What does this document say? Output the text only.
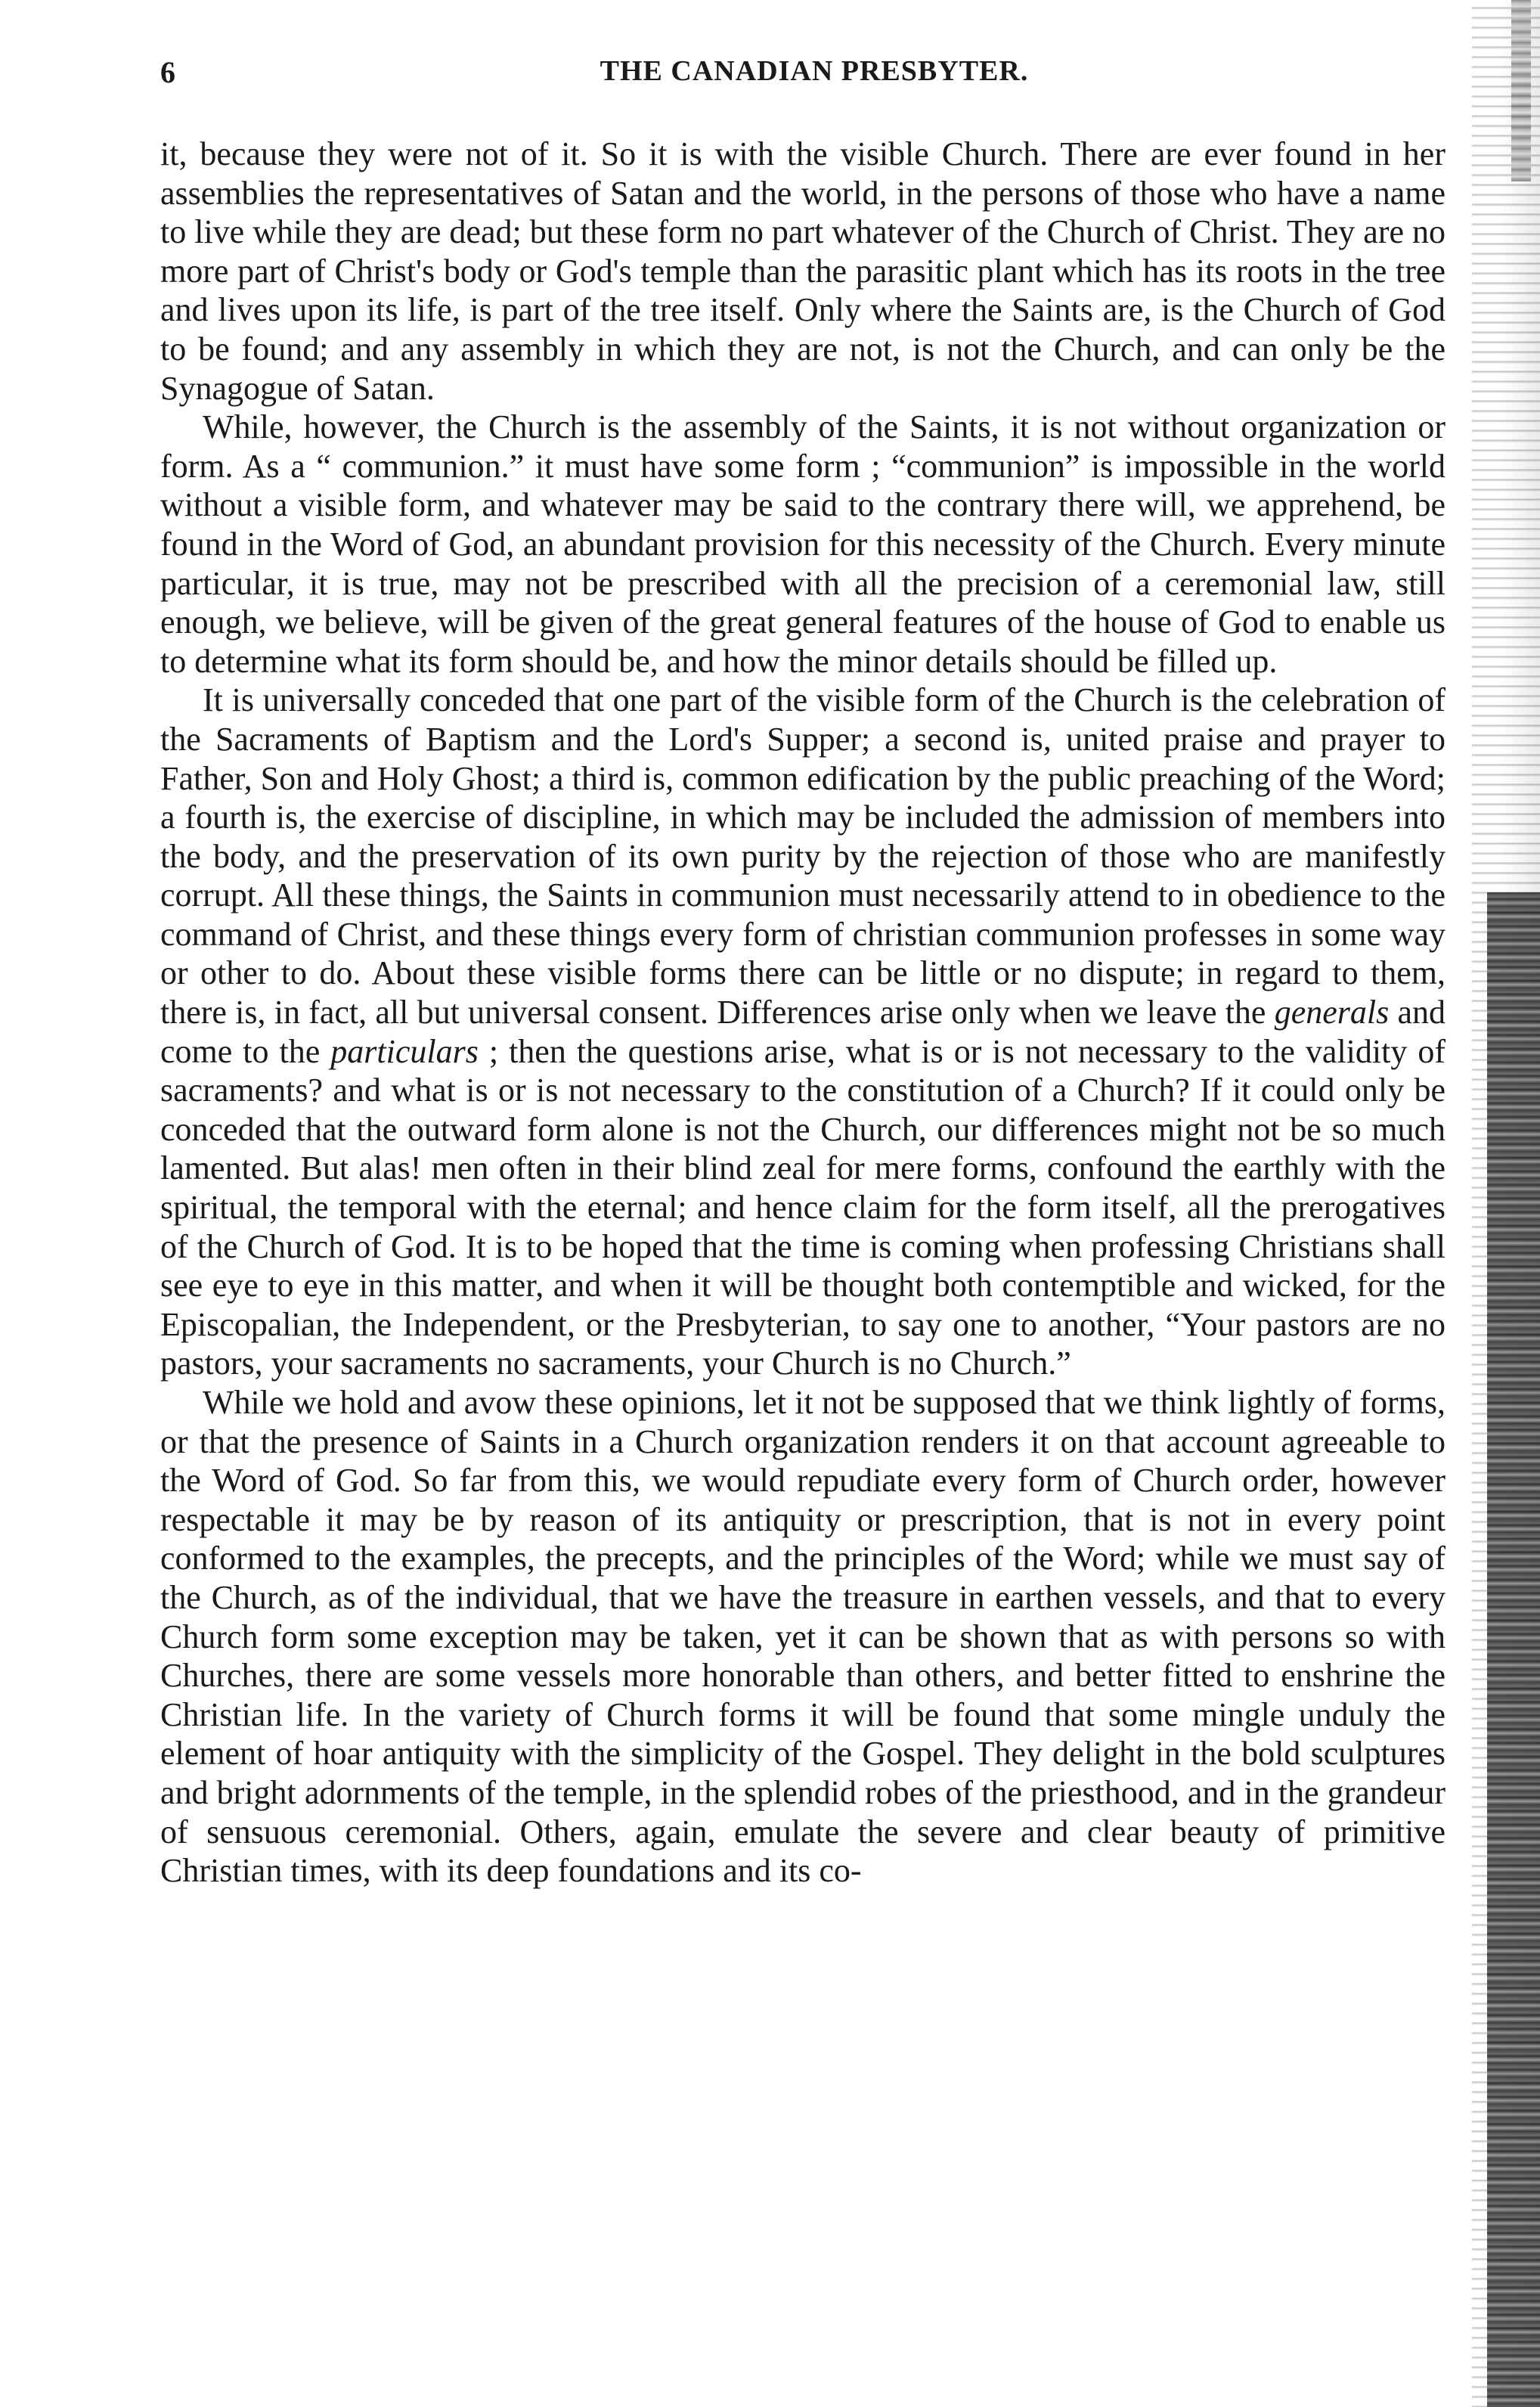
6	THE CANADIAN PRESBYTER.

it, because they were not of it. So it is with the visible Church. There are ever found in her assemblies the representatives of Satan and the world, in the persons of those who have a name to live while they are dead; but these form no part whatever of the Church of Christ. They are no more part of Christ's body or God's temple than the parasitic plant which has its roots in the tree and lives upon its life, is part of the tree itself. Only where the Saints are, is the Church of God to be found; and any assembly in which they are not, is not the Church, and can only be the Synagogue of Satan.

While, however, the Church is the assembly of the Saints, it is not without organization or form. As a “ communion.” it must have some form ; “communion” is impossible in the world without a visible form, and whatever may be said to the contrary there will, we apprehend, be found in the Word of God, an abundant provision for this necessity of the Church. Every minute particular, it is true, may not be prescribed with all the precision of a ceremonial law, still enough, we believe, will be given of the great general features of the house of God to enable us to determine what its form should be, and how the minor details should be filled up.

It is universally conceded that one part of the visible form of the Church is the celebration of the Sacraments of Baptism and the Lord's Supper; a second is, united praise and prayer to Father, Son and Holy Ghost; a third is, common edification by the public preaching of the Word; a fourth is, the exercise of discipline, in which may be included the admission of members into the body, and the preservation of its own purity by the rejection of those who are manifestly corrupt. All these things, the Saints in communion must necessarily attend to in obedience to the command of Christ, and these things every form of christian communion professes in some way or other to do. About these visible forms there can be little or no dispute; in regard to them, there is, in fact, all but universal consent. Differences arise only when we leave the generals and come to the particulars ; then the questions arise, what is or is not necessary to the validity of sacraments? and what is or is not necessary to the constitution of a Church? If it could only be conceded that the outward form alone is not the Church, our differences might not be so much lamented. But alas! men often in their blind zeal for mere forms, confound the earthly with the spiritual, the temporal with the eternal; and hence claim for the form itself, all the prerogatives of the Church of God. It is to be hoped that the time is coming when professing Christians shall see eye to eye in this matter, and when it will be thought both contemptible and wicked, for the Episcopalian, the Independent, or the Presbyterian, to say one to another, “Your pastors are no pastors, your sacraments no sacraments, your Church is no Church.”

While we hold and avow these opinions, let it not be supposed that we think lightly of forms, or that the presence of Saints in a Church organization renders it on that account agreeable to the Word of God. So far from this, we would repudiate every form of Church order, however respectable it may be by reason of its antiquity or prescription, that is not in every point conformed to the examples, the precepts, and the principles of the Word; while we must say of the Church, as of the individual, that we have the treasure in earthen vessels, and that to every Church form some exception may be taken, yet it can be shown that as with persons so with Churches, there are some vessels more honorable than others, and better fitted to enshrine the Christian life. In the variety of Church forms it will be found that some mingle unduly the element of hoar antiquity with the simplicity of the Gospel. They delight in the bold sculptures and bright adornments of the temple, in the splendid robes of the priesthood, and in the grandeur of sensuous ceremonial. Others, again, emulate the severe and clear beauty of primitive Christian times, with its deep foundations and its co-
